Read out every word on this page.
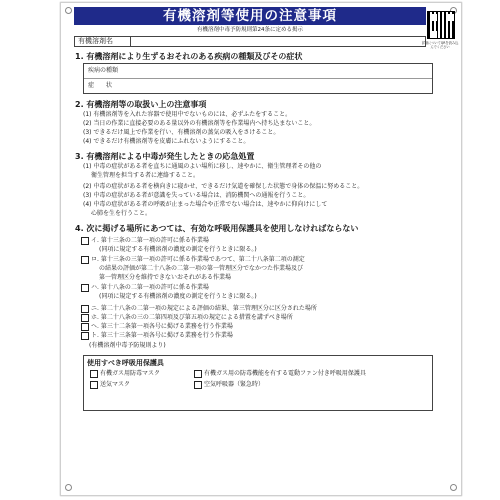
有機溶剤等使用の注意事項
有機溶剤中毒予防規則第24条に定める掲示
詳細についてQRを読み込んでください
有機溶剤名
1. 有機溶剤により生ずるおそれのある疾病の種類及びその症状
疾病の種類
症　　状
2. 有機溶剤等の取扱い上の注意事項
(1) 有機溶剤等を入れた容器で使用中でないものには、必ずふたをすること。
(2) 当日の作業に直接必要のある量以外の有機溶剤等を作業場内へ持ち込まないこと。
(3) できるだけ風上で作業を行い、有機溶剤の蒸気の吸入をさけること。
(4) できるだけ有機溶剤等を皮膚にふれないようにすること。
3. 有機溶剤による中毒が発生したときの応急処置
(1) 中毒の症状がある者を直ちに通風のよい場所に移し、速やかに、衛生管理者その他の
衛生管理を担当する者に連絡すること。
(2) 中毒の症状がある者を横向きに寝かせ、できるだけ気道を確保した状態で身体の保温に努めること。
(3) 中毒の症状がある者が意識を失っている場合は、消防機関への通報を行うこと。
(4) 中毒の症状がある者の呼吸が止まった場合や正常でない場合は、速やかに仰向けにして
心肺を生を行うこと。
4. 次に掲げる場所にあつては、有効な呼吸用保護具を使用しなければならない
イ. 第十三条の二第一項の許可に係る作業場
(同項に規定する有機溶剤の濃度の測定を行うときに限る。)
ロ. 第十三条の三第一項の許可に係る作業場であつて、第二十八条第二項の測定
の結果の評価が第二十八条の二第一項の第一管理区分でなかつた作業場及び
第一管理区分を維持できないおそれがある作業場
ハ. 第十八条の二第一項の許可に係る作業場
(同項に規定する有機溶剤の濃度の測定を行うときに限る。)
ニ. 第二十八条の二第一項の規定による評価の結果、第三管理区分に区分された場所
ホ. 第二十八条の三の二第四項及び第五項の規定による措置を講ずべき場所
ヘ. 第三十二条第一項各号に掲げる業務を行う作業場
ト. 第三十三条第一項各号に掲げる業務を行う作業場
(有機溶剤中毒予防規則より)
使用すべき呼吸用保護具
有機ガス用防毒マスク	有機ガス用の防毒機能を有する電動ファン付き呼吸用保護具
送気マスク	空気呼吸器（緊急時）
